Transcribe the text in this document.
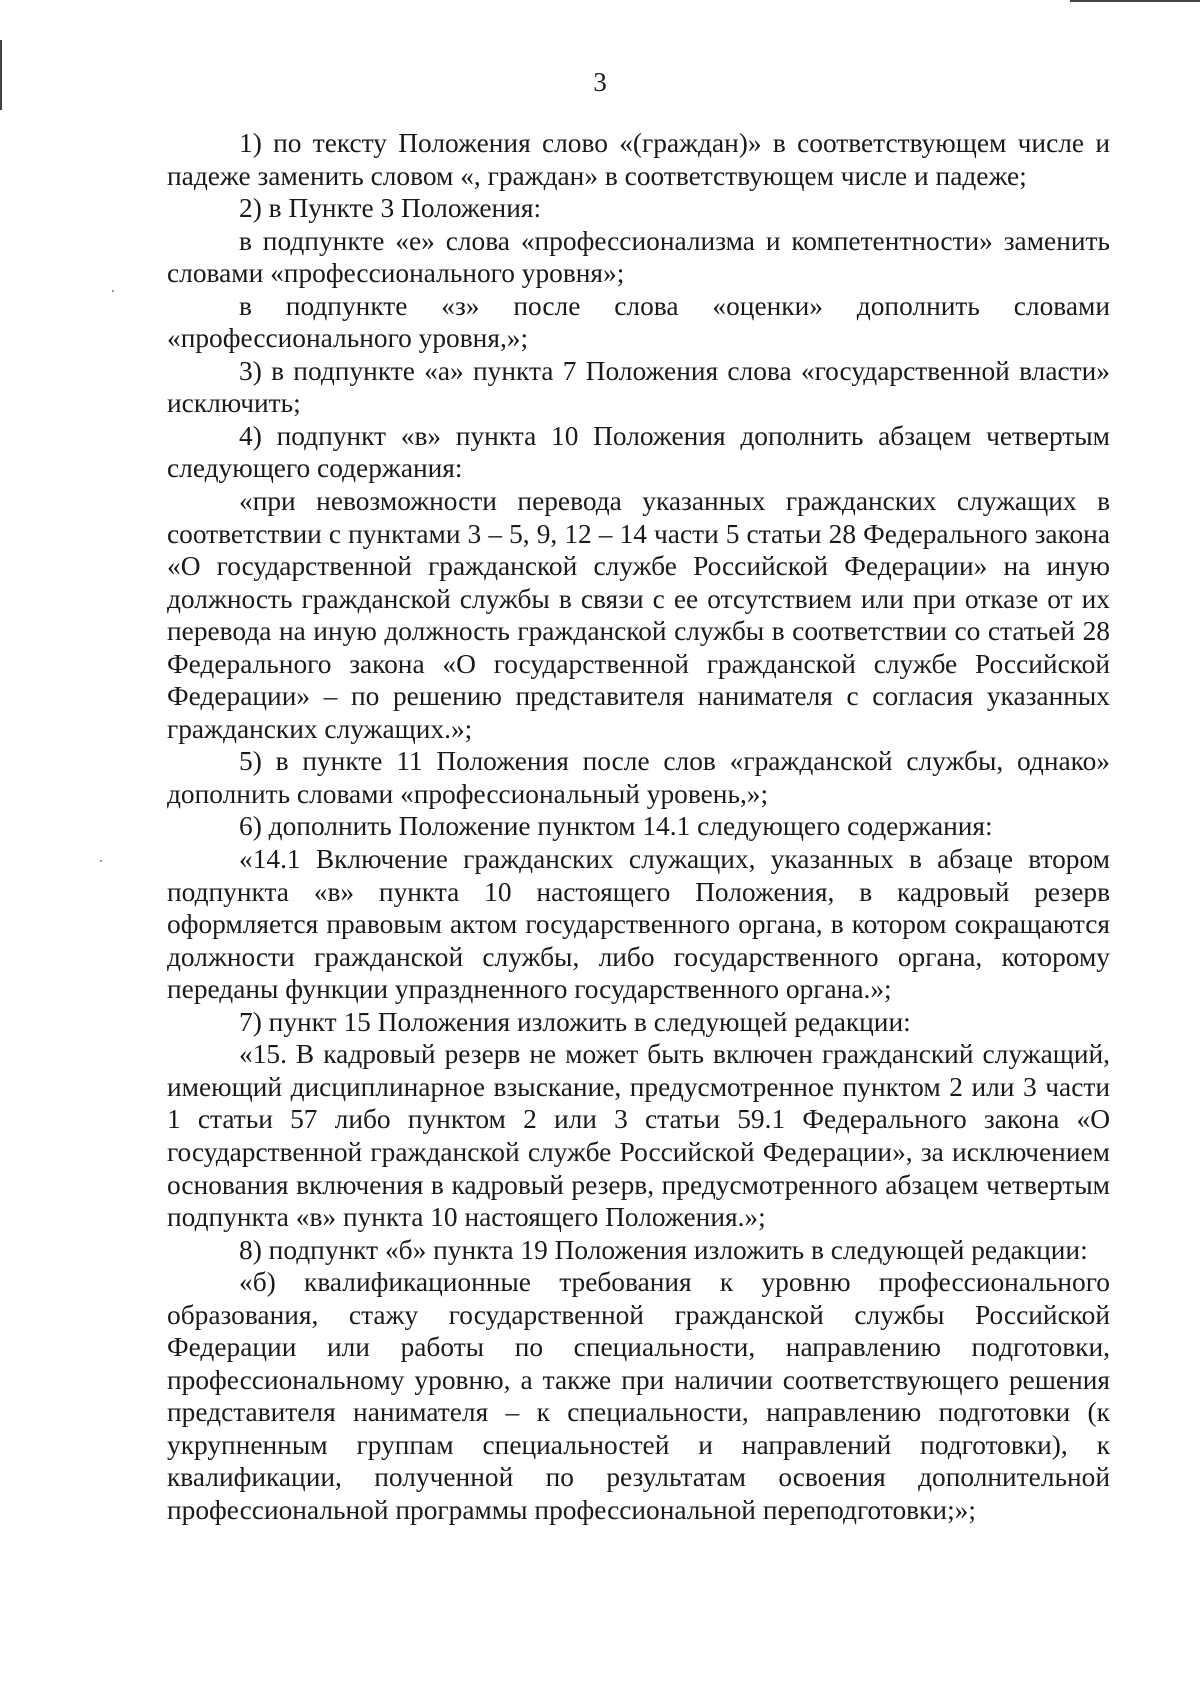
3

1) по тексту Положения слово «(граждан)» в соответствующем числе и падеже заменить словом «, граждан» в соответствующем числе и падеже;

2) в Пункте 3 Положения:

в подпункте «е» слова «профессионализма и компетентности» заменить словами «профессионального уровня»;

в подпункте «з» после слова «оценки» дополнить словами «профессионального уровня,»;

3) в подпункте «а» пункта 7 Положения слова «государственной власти» исключить;

4) подпункт «в» пункта 10 Положения дополнить абзацем четвертым следующего содержания:

«при невозможности перевода указанных гражданских служащих в соответствии с пунктами 3 – 5, 9, 12 – 14 части 5 статьи 28 Федерального закона «О государственной гражданской службе Российской Федерации» на иную должность гражданской службы в связи с ее отсутствием или при отказе от их перевода на иную должность гражданской службы в соответствии со статьей 28 Федерального закона «О государственной гражданской службе Российской Федерации» – по решению представителя нанимателя с согласия указанных гражданских служащих.»;

5) в пункте 11 Положения после слов «гражданской службы, однако» дополнить словами «профессиональный уровень,»;

6) дополнить Положение пунктом 14.1 следующего содержания:

«14.1 Включение гражданских служащих, указанных в абзаце втором подпункта «в» пункта 10 настоящего Положения, в кадровый резерв оформляется правовым актом государственного органа, в котором сокращаются должности гражданской службы, либо государственного органа, которому переданы функции упраздненного государственного органа.»;

7) пункт 15 Положения изложить в следующей редакции:

«15. В кадровый резерв не может быть включен гражданский служащий, имеющий дисциплинарное взыскание, предусмотренное пунктом 2 или 3 части 1 статьи 57 либо пунктом 2 или 3 статьи 59.1 Федерального закона «О государственной гражданской службе Российской Федерации», за исключением основания включения в кадровый резерв, предусмотренного абзацем четвертым подпункта «в» пункта 10 настоящего Положения.»;

8) подпункт «б» пункта 19 Положения изложить в следующей редакции:

«б) квалификационные требования к уровню профессионального образования, стажу государственной гражданской службы Российской Федерации или работы по специальности, направлению подготовки, профессиональному уровню, а также при наличии соответствующего решения представителя нанимателя – к специальности, направлению подготовки (к укрупненным группам специальностей и направлений подготовки), к квалификации, полученной по результатам освоения дополнительной профессиональной программы профессиональной переподготовки;»;
